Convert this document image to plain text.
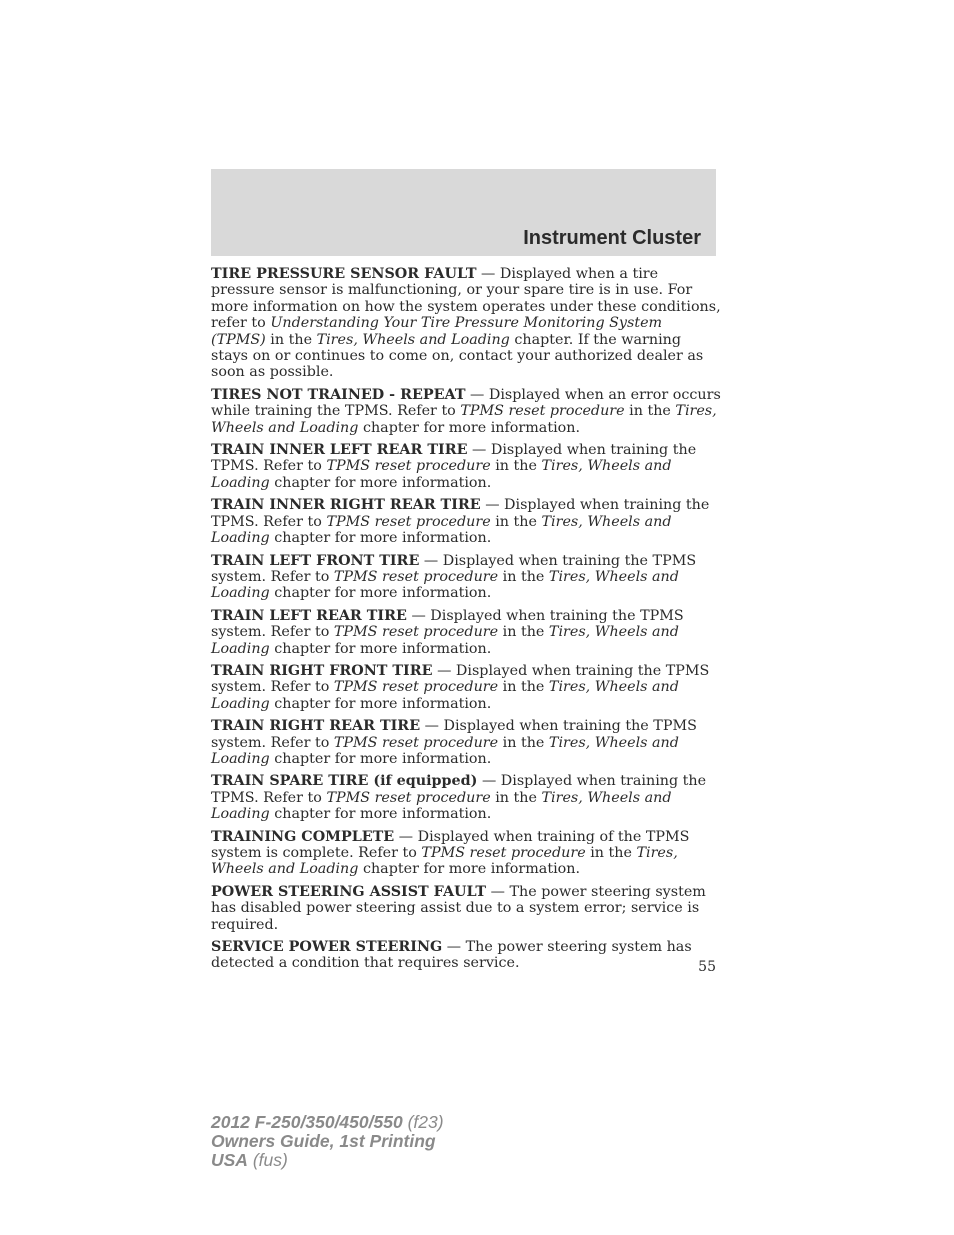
Instrument Cluster

TIRE PRESSURE SENSOR FAULT — Displayed when a tire pressure sensor is malfunctioning, or your spare tire is in use. For more information on how the system operates under these conditions, refer to Understanding Your Tire Pressure Monitoring System (TPMS) in the Tires, Wheels and Loading chapter. If the warning stays on or continues to come on, contact your authorized dealer as soon as possible.

TIRES NOT TRAINED - REPEAT — Displayed when an error occurs while training the TPMS. Refer to TPMS reset procedure in the Tires, Wheels and Loading chapter for more information.

TRAIN INNER LEFT REAR TIRE — Displayed when training the TPMS. Refer to TPMS reset procedure in the Tires, Wheels and Loading chapter for more information.

TRAIN INNER RIGHT REAR TIRE — Displayed when training the TPMS. Refer to TPMS reset procedure in the Tires, Wheels and Loading chapter for more information.

TRAIN LEFT FRONT TIRE — Displayed when training the TPMS system. Refer to TPMS reset procedure in the Tires, Wheels and Loading chapter for more information.

TRAIN LEFT REAR TIRE — Displayed when training the TPMS system. Refer to TPMS reset procedure in the Tires, Wheels and Loading chapter for more information.

TRAIN RIGHT FRONT TIRE — Displayed when training the TPMS system. Refer to TPMS reset procedure in the Tires, Wheels and Loading chapter for more information.

TRAIN RIGHT REAR TIRE — Displayed when training the TPMS system. Refer to TPMS reset procedure in the Tires, Wheels and Loading chapter for more information.

TRAIN SPARE TIRE (if equipped) — Displayed when training the TPMS. Refer to TPMS reset procedure in the Tires, Wheels and Loading chapter for more information.

TRAINING COMPLETE — Displayed when training of the TPMS system is complete. Refer to TPMS reset procedure in the Tires, Wheels and Loading chapter for more information.

POWER STEERING ASSIST FAULT — The power steering system has disabled power steering assist due to a system error; service is required.

SERVICE POWER STEERING — The power steering system has detected a condition that requires service.	55
2012 F-250/350/450/550 (f23)
Owners Guide, 1st Printing
USA (fus)
